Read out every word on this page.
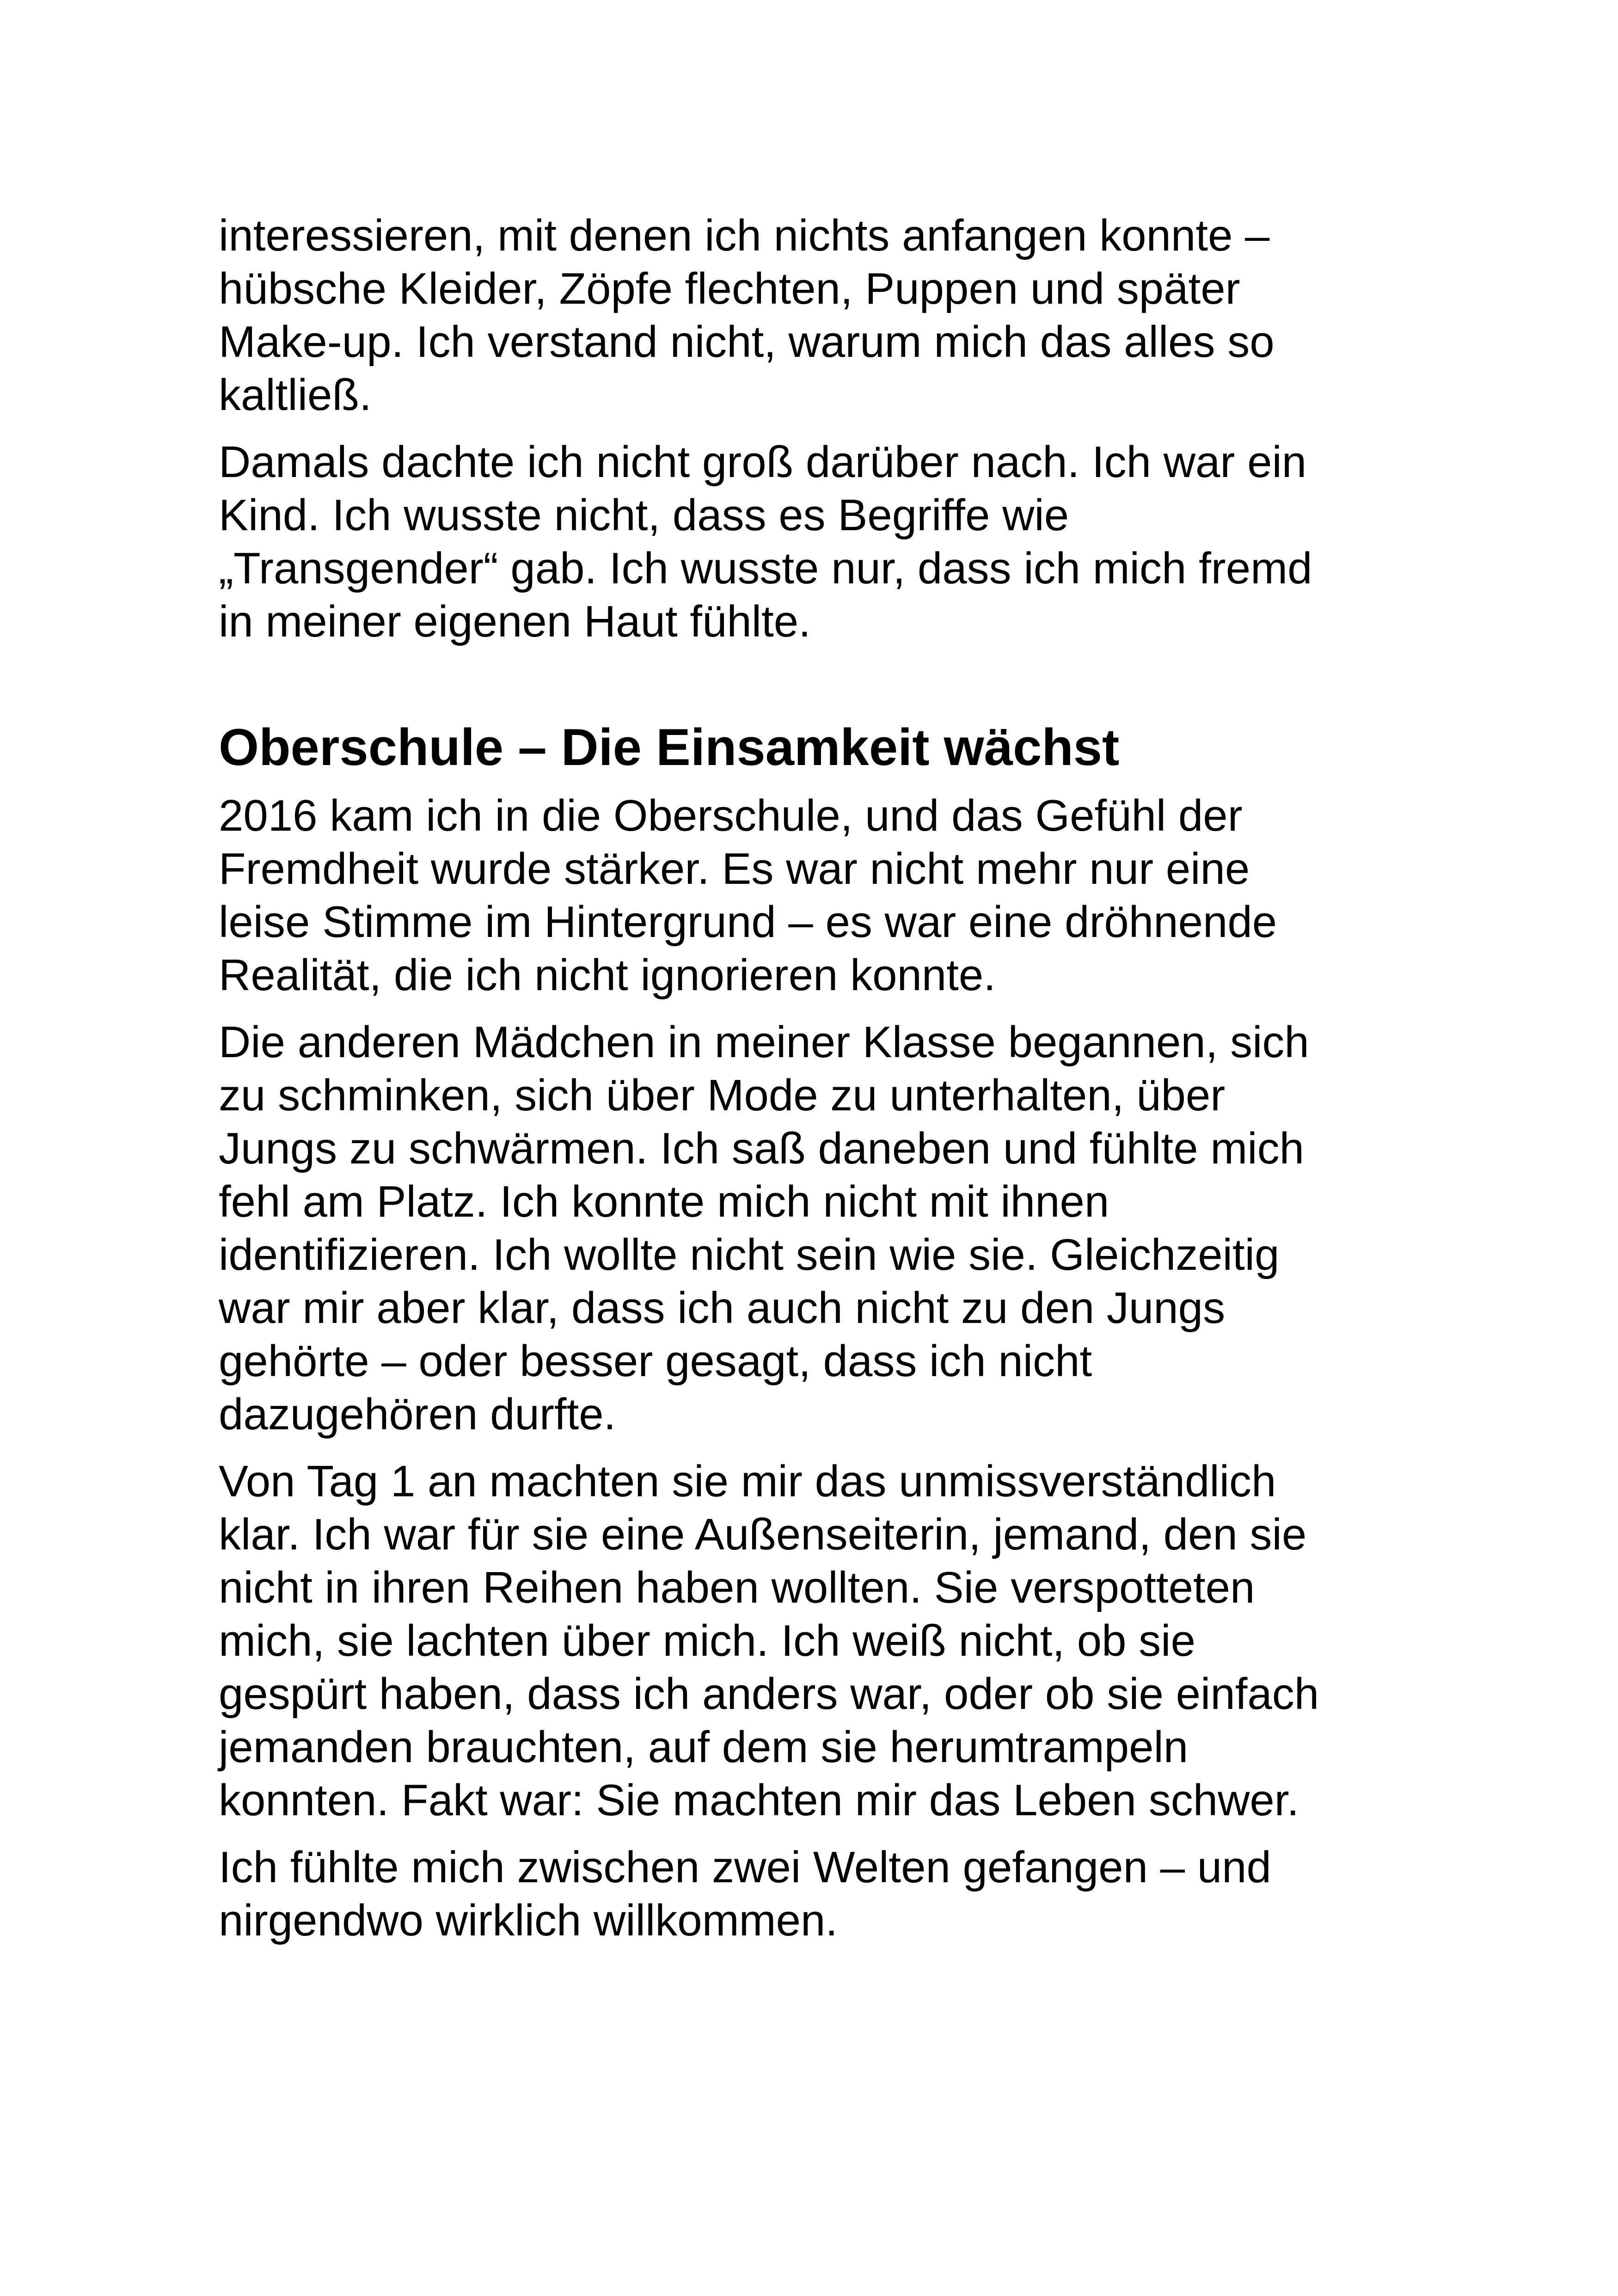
interessieren, mit denen ich nichts anfangen konnte –
hübsche Kleider, Zöpfe flechten, Puppen und später
Make-up. Ich verstand nicht, warum mich das alles so
kaltließ.
Damals dachte ich nicht groß darüber nach. Ich war ein
Kind. Ich wusste nicht, dass es Begriffe wie
„Transgender“ gab. Ich wusste nur, dass ich mich fremd
in meiner eigenen Haut fühlte.
Oberschule – Die Einsamkeit wächst
2016 kam ich in die Oberschule, und das Gefühl der
Fremdheit wurde stärker. Es war nicht mehr nur eine
leise Stimme im Hintergrund – es war eine dröhnende
Realität, die ich nicht ignorieren konnte.
Die anderen Mädchen in meiner Klasse begannen, sich
zu schminken, sich über Mode zu unterhalten, über
Jungs zu schwärmen. Ich saß daneben und fühlte mich
fehl am Platz. Ich konnte mich nicht mit ihnen
identifizieren. Ich wollte nicht sein wie sie. Gleichzeitig
war mir aber klar, dass ich auch nicht zu den Jungs
gehörte – oder besser gesagt, dass ich nicht
dazugehören durfte.
Von Tag 1 an machten sie mir das unmissverständlich
klar. Ich war für sie eine Außenseiterin, jemand, den sie
nicht in ihren Reihen haben wollten. Sie verspotteten
mich, sie lachten über mich. Ich weiß nicht, ob sie
gespürt haben, dass ich anders war, oder ob sie einfach
jemanden brauchten, auf dem sie herumtrampeln
konnten. Fakt war: Sie machten mir das Leben schwer.
Ich fühlte mich zwischen zwei Welten gefangen – und
nirgendwo wirklich willkommen.
